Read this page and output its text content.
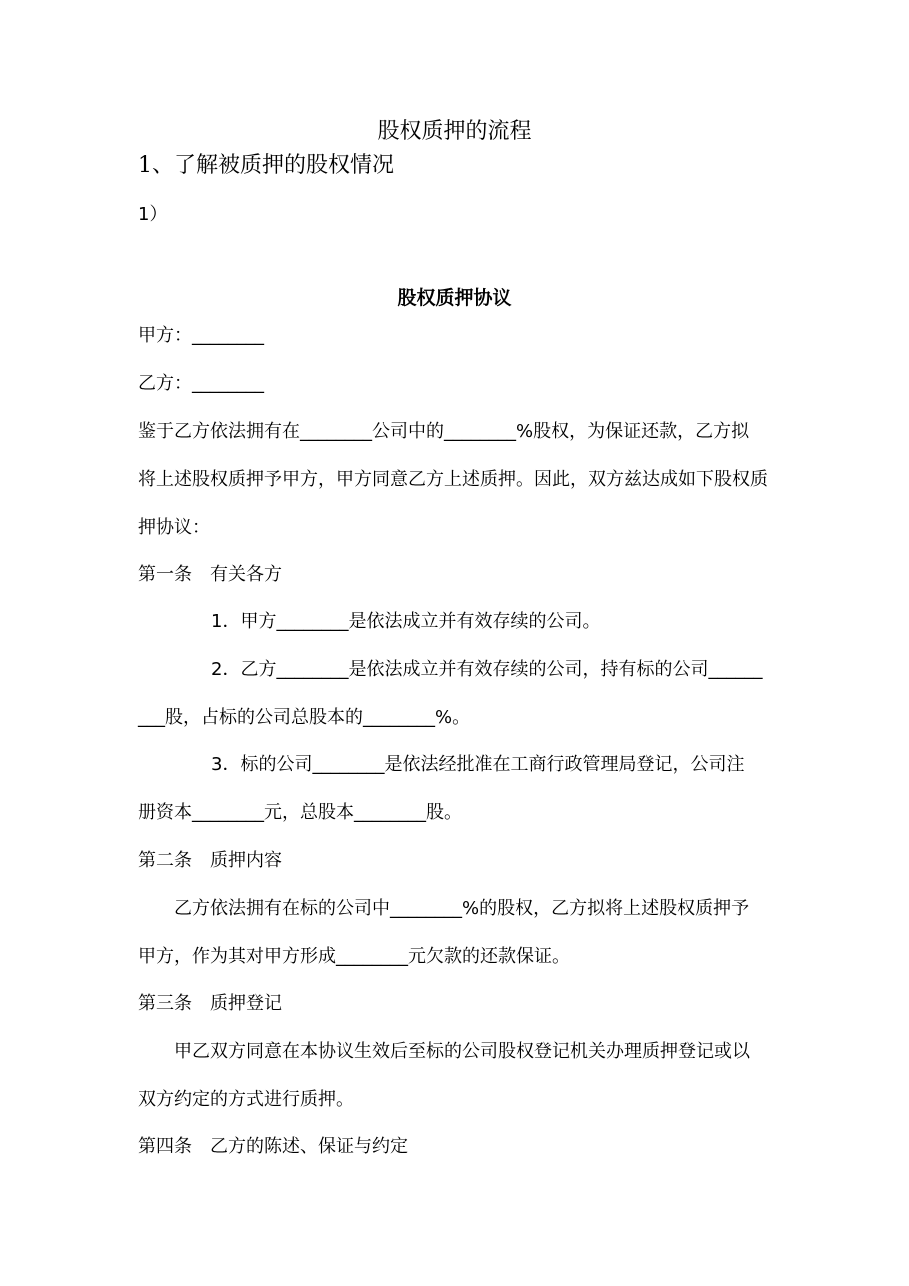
股权质押的流程
1、了解被质押的股权情况
1）
股权质押协议
甲方：________
乙方：________
鉴于乙方依法拥有在________公司中的________%股权，为保证还款，乙方拟
将上述股权质押予甲方，甲方同意乙方上述质押。因此，双方兹达成如下股权质
押协议：
第一条　有关各方
1．甲方________是依法成立并有效存续的公司。
2．乙方________是依法成立并有效存续的公司，持有标的公司______
___股，占标的公司总股本的________%。
3．标的公司________是依法经批准在工商行政管理局登记，公司注
册资本________元，总股本________股。
第二条　质押内容
乙方依法拥有在标的公司中________%的股权，乙方拟将上述股权质押予
甲方，作为其对甲方形成________元欠款的还款保证。
第三条　质押登记
甲乙双方同意在本协议生效后至标的公司股权登记机关办理质押登记或以
双方约定的方式进行质押。
第四条　乙方的陈述、保证与约定
